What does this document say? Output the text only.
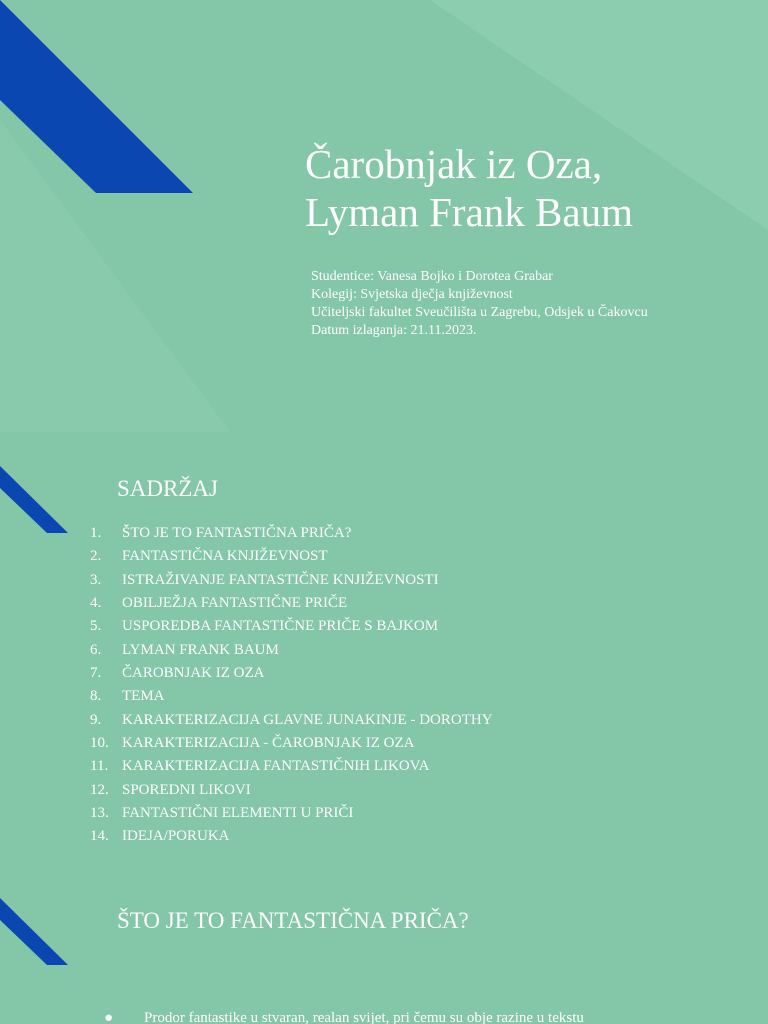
Čarobnjak iz Oza,
Lyman Frank Baum
Studentice: Vanesa Bojko i Dorotea Grabar
Kolegij: Svjetska dječja književnost
Učiteljski fakultet Sveučilišta u Zagrebu, Odsjek u Čakovcu
Datum izlaganja: 21.11.2023.
SADRŽAJ
1.	ŠTO JE TO FANTASTIČNA PRIČA?
2.	FANTASTIČNA KNJIŽEVNOST
3.	ISTRAŽIVANJE FANTASTIČNE KNJIŽEVNOSTI
4.	OBILJEŽJA FANTASTIČNE PRIČE
5.	USPOREDBA FANTASTIČNE PRIČE S BAJKOM
6.	LYMAN FRANK BAUM
7.	ČAROBNJAK IZ OZA
8.	TEMA
9.	KARAKTERIZACIJA GLAVNE JUNAKINJE - DOROTHY
10. KARAKTERIZACIJA - ČAROBNJAK IZ OZA
11. KARAKTERIZACIJA FANTASTIČNIH LIKOVA
12. SPOREDNI LIKOVI
13. FANTASTIČNI ELEMENTI U PRIČI
14. IDEJA/PORUKA
ŠTO JE TO FANTASTIČNA PRIČA?
●	Prodor fantastike u stvaran, realan svijet, pri čemu su obje razine u tekstu
